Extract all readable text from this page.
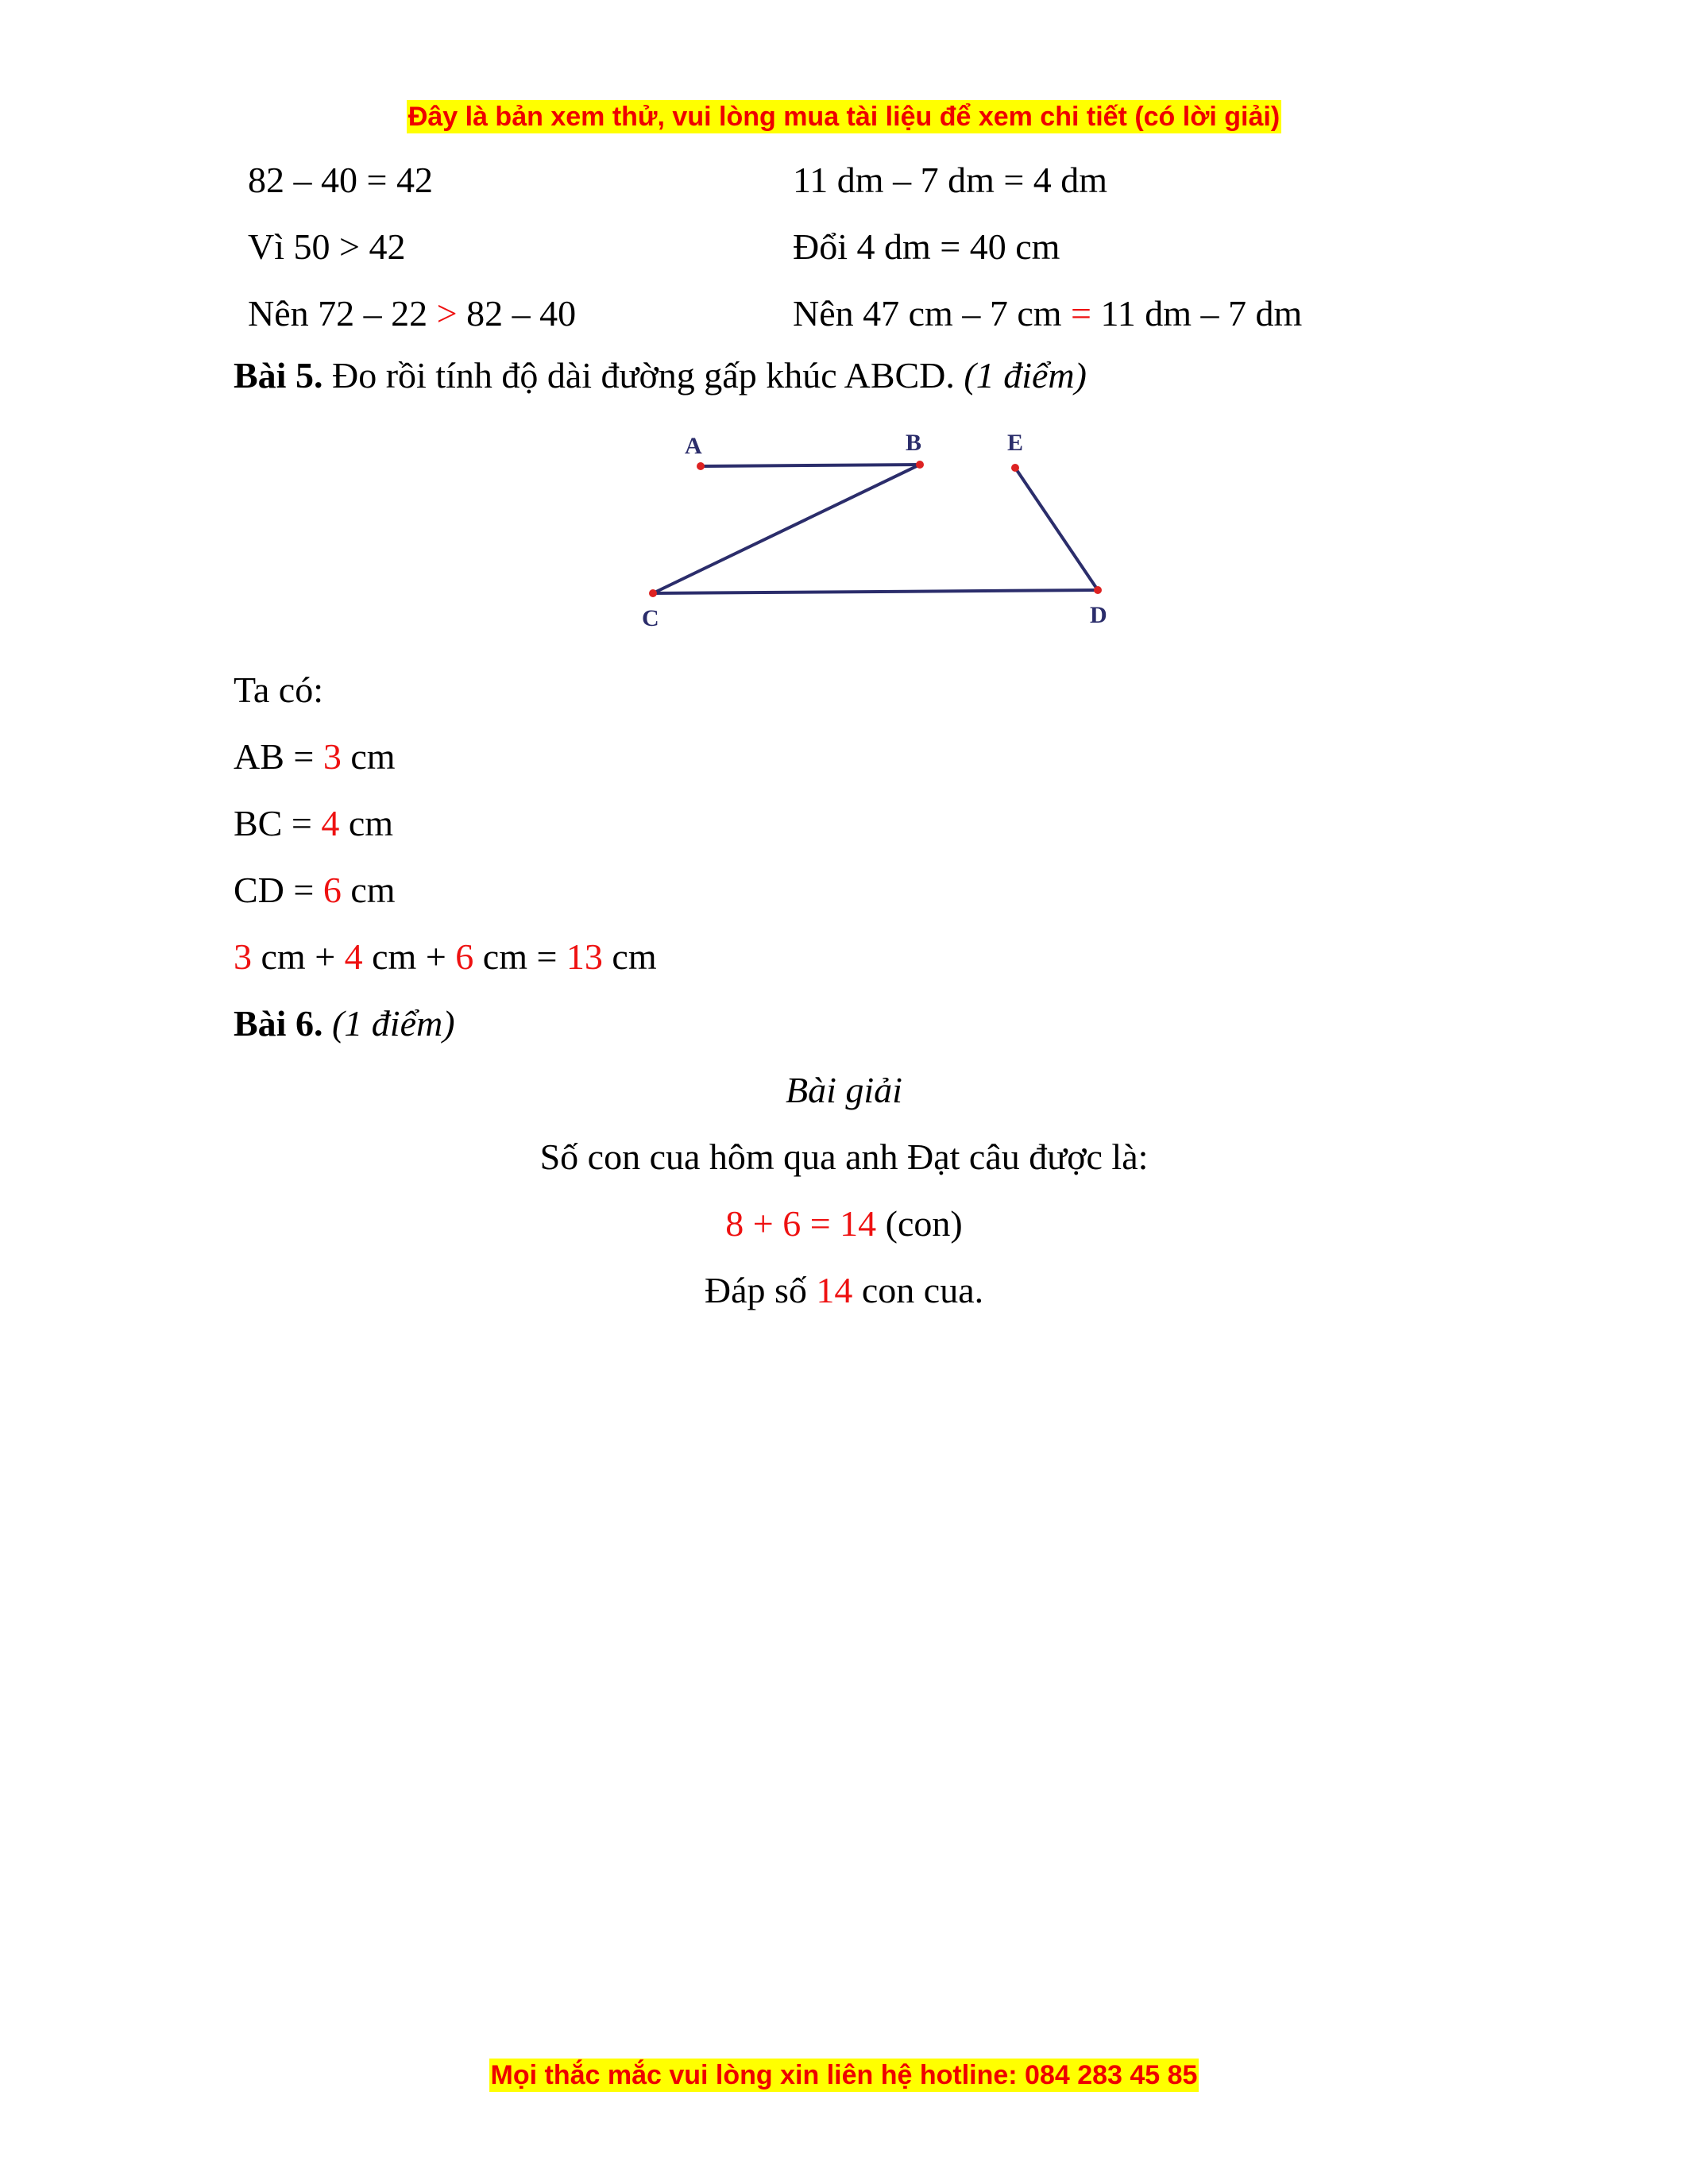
Đây là bản xem thử, vui lòng mua tài liệu để xem chi tiết (có lời giải)
82 – 40 = 42
Vì 50 > 42
Nên 72 – 22 > 82 – 40
11 dm – 7 dm = 4 dm
Đổi 4 dm = 40 cm
Nên 47 cm – 7 cm = 11 dm – 7 dm
Bài 5. Đo rồi tính độ dài đường gấp khúc ABCD. (1 điểm)
A	B	E
C	D
Ta có:
AB = 3 cm
BC = 4 cm
CD = 6 cm
3 cm + 4 cm + 6 cm = 13 cm
Bài 6. (1 điểm)
Bài giải
Số con cua hôm qua anh Đạt câu được là:
8 + 6 = 14 (con)
Đáp số 14 con cua.
Mọi thắc mắc vui lòng xin liên hệ hotline: 084 283 45 85
